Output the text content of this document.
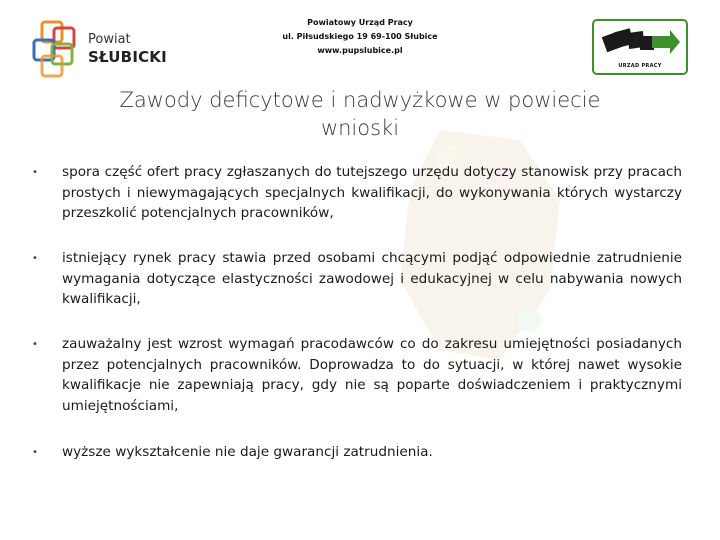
Powiat
SŁUBICKI
Powiatowy Urząd Pracy
ul. Piłsudskiego 19 69-100 Słubice
www.pupslubice.pl
URZĄD PRACY
Zawody deficytowe i nadwyżkowe w powiecie
wnioski
• spora część ofert pracy zgłaszanych do tutejszego urzędu dotyczy stanowisk przy pracach prostych i niewymagających specjalnych kwalifikacji, do wykonywania których wystarczy przeszkolić potencjalnych pracowników,
• istniejący rynek pracy stawia przed osobami chcącymi podjąć odpowiednie zatrudnienie wymagania dotyczące elastyczności zawodowej i edukacyjnej w celu nabywania nowych kwalifikacji,
• zauważalny jest wzrost wymagań pracodawców co do zakresu umiejętności posiadanych przez potencjalnych pracowników. Doprowadza to do sytuacji, w której nawet wysokie kwalifikacje nie zapewniają pracy, gdy nie są poparte doświadczeniem i praktycznymi umiejętnościami,
• wyższe wykształcenie nie daje gwarancji zatrudnienia.
